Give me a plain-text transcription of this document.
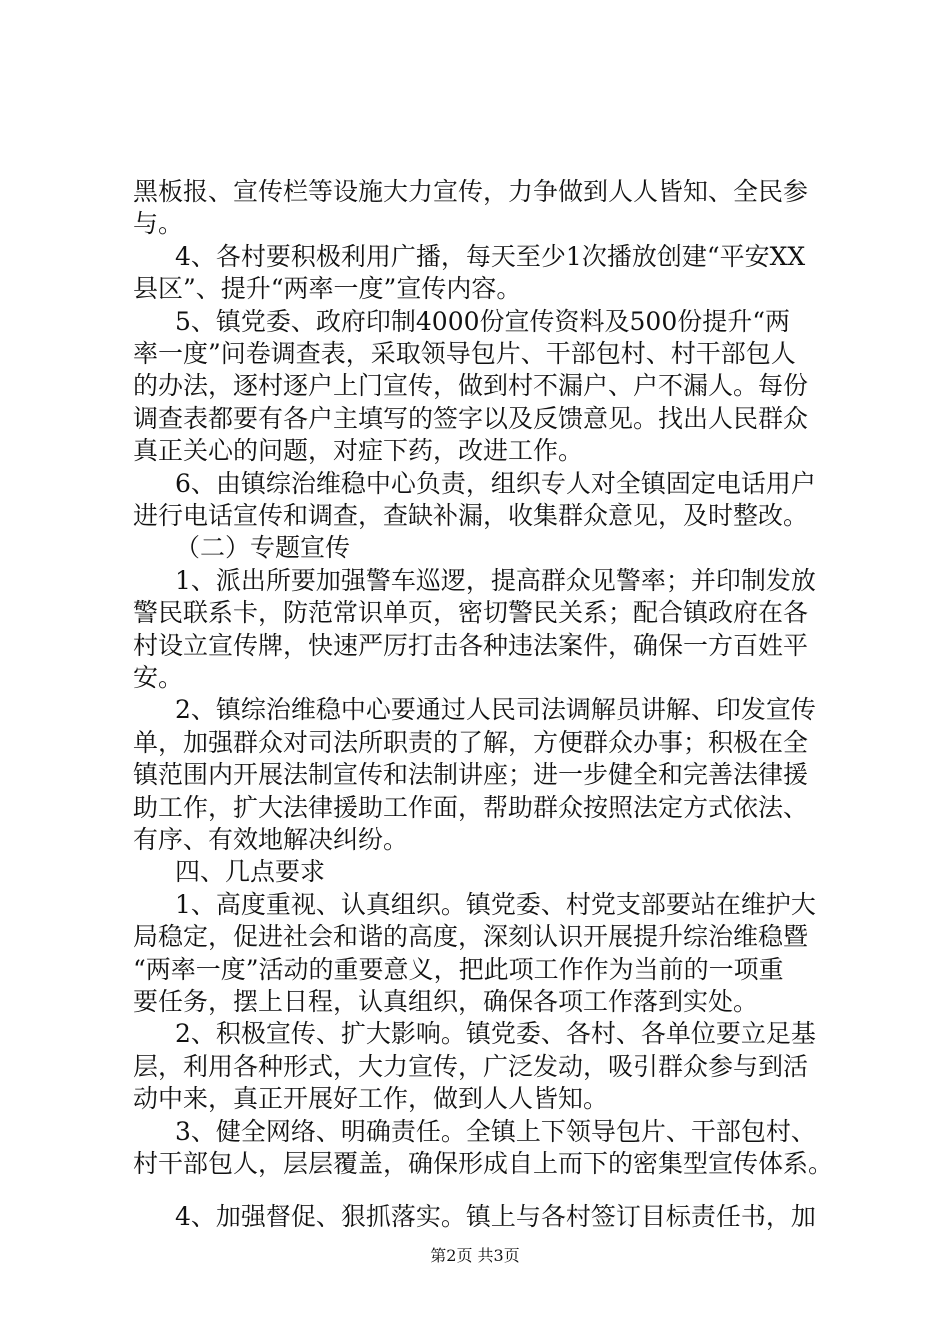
黑板报、宣传栏等设施大力宣传，力争做到人人皆知、全民参
与。
4、各村要积极利用广播，每天至少1次播放创建“平安XX
县区”、提升“两率一度”宣传内容。
5、镇党委、政府印制4000份宣传资料及500份提升“两
率一度”问卷调查表，采取领导包片、干部包村、村干部包人
的办法，逐村逐户上门宣传，做到村不漏户、户不漏人。每份
调查表都要有各户主填写的签字以及反馈意见。找出人民群众
真正关心的问题，对症下药，改进工作。
6、由镇综治维稳中心负责，组织专人对全镇固定电话用户
进行电话宣传和调查，查缺补漏，收集群众意见，及时整改。
（二）专题宣传
1、派出所要加强警车巡逻，提高群众见警率；并印制发放
警民联系卡，防范常识单页，密切警民关系；配合镇政府在各
村设立宣传牌，快速严厉打击各种违法案件，确保一方百姓平
安。
2、镇综治维稳中心要通过人民司法调解员讲解、印发宣传
单，加强群众对司法所职责的了解，方便群众办事；积极在全
镇范围内开展法制宣传和法制讲座；进一步健全和完善法律援
助工作，扩大法律援助工作面，帮助群众按照法定方式依法、
有序、有效地解决纠纷。
四、几点要求
1、高度重视、认真组织。镇党委、村党支部要站在维护大
局稳定，促进社会和谐的高度，深刻认识开展提升综治维稳暨
“两率一度”活动的重要意义，把此项工作作为当前的一项重
要任务，摆上日程，认真组织，确保各项工作落到实处。
2、积极宣传、扩大影响。镇党委、各村、各单位要立足基
层，利用各种形式，大力宣传，广泛发动，吸引群众参与到活
动中来，真正开展好工作，做到人人皆知。
3、健全网络、明确责任。全镇上下领导包片、干部包村、
村干部包人，层层覆盖，确保形成自上而下的密集型宣传体系。
4、加强督促、狠抓落实。镇上与各村签订目标责任书，加
第2页 共3页
